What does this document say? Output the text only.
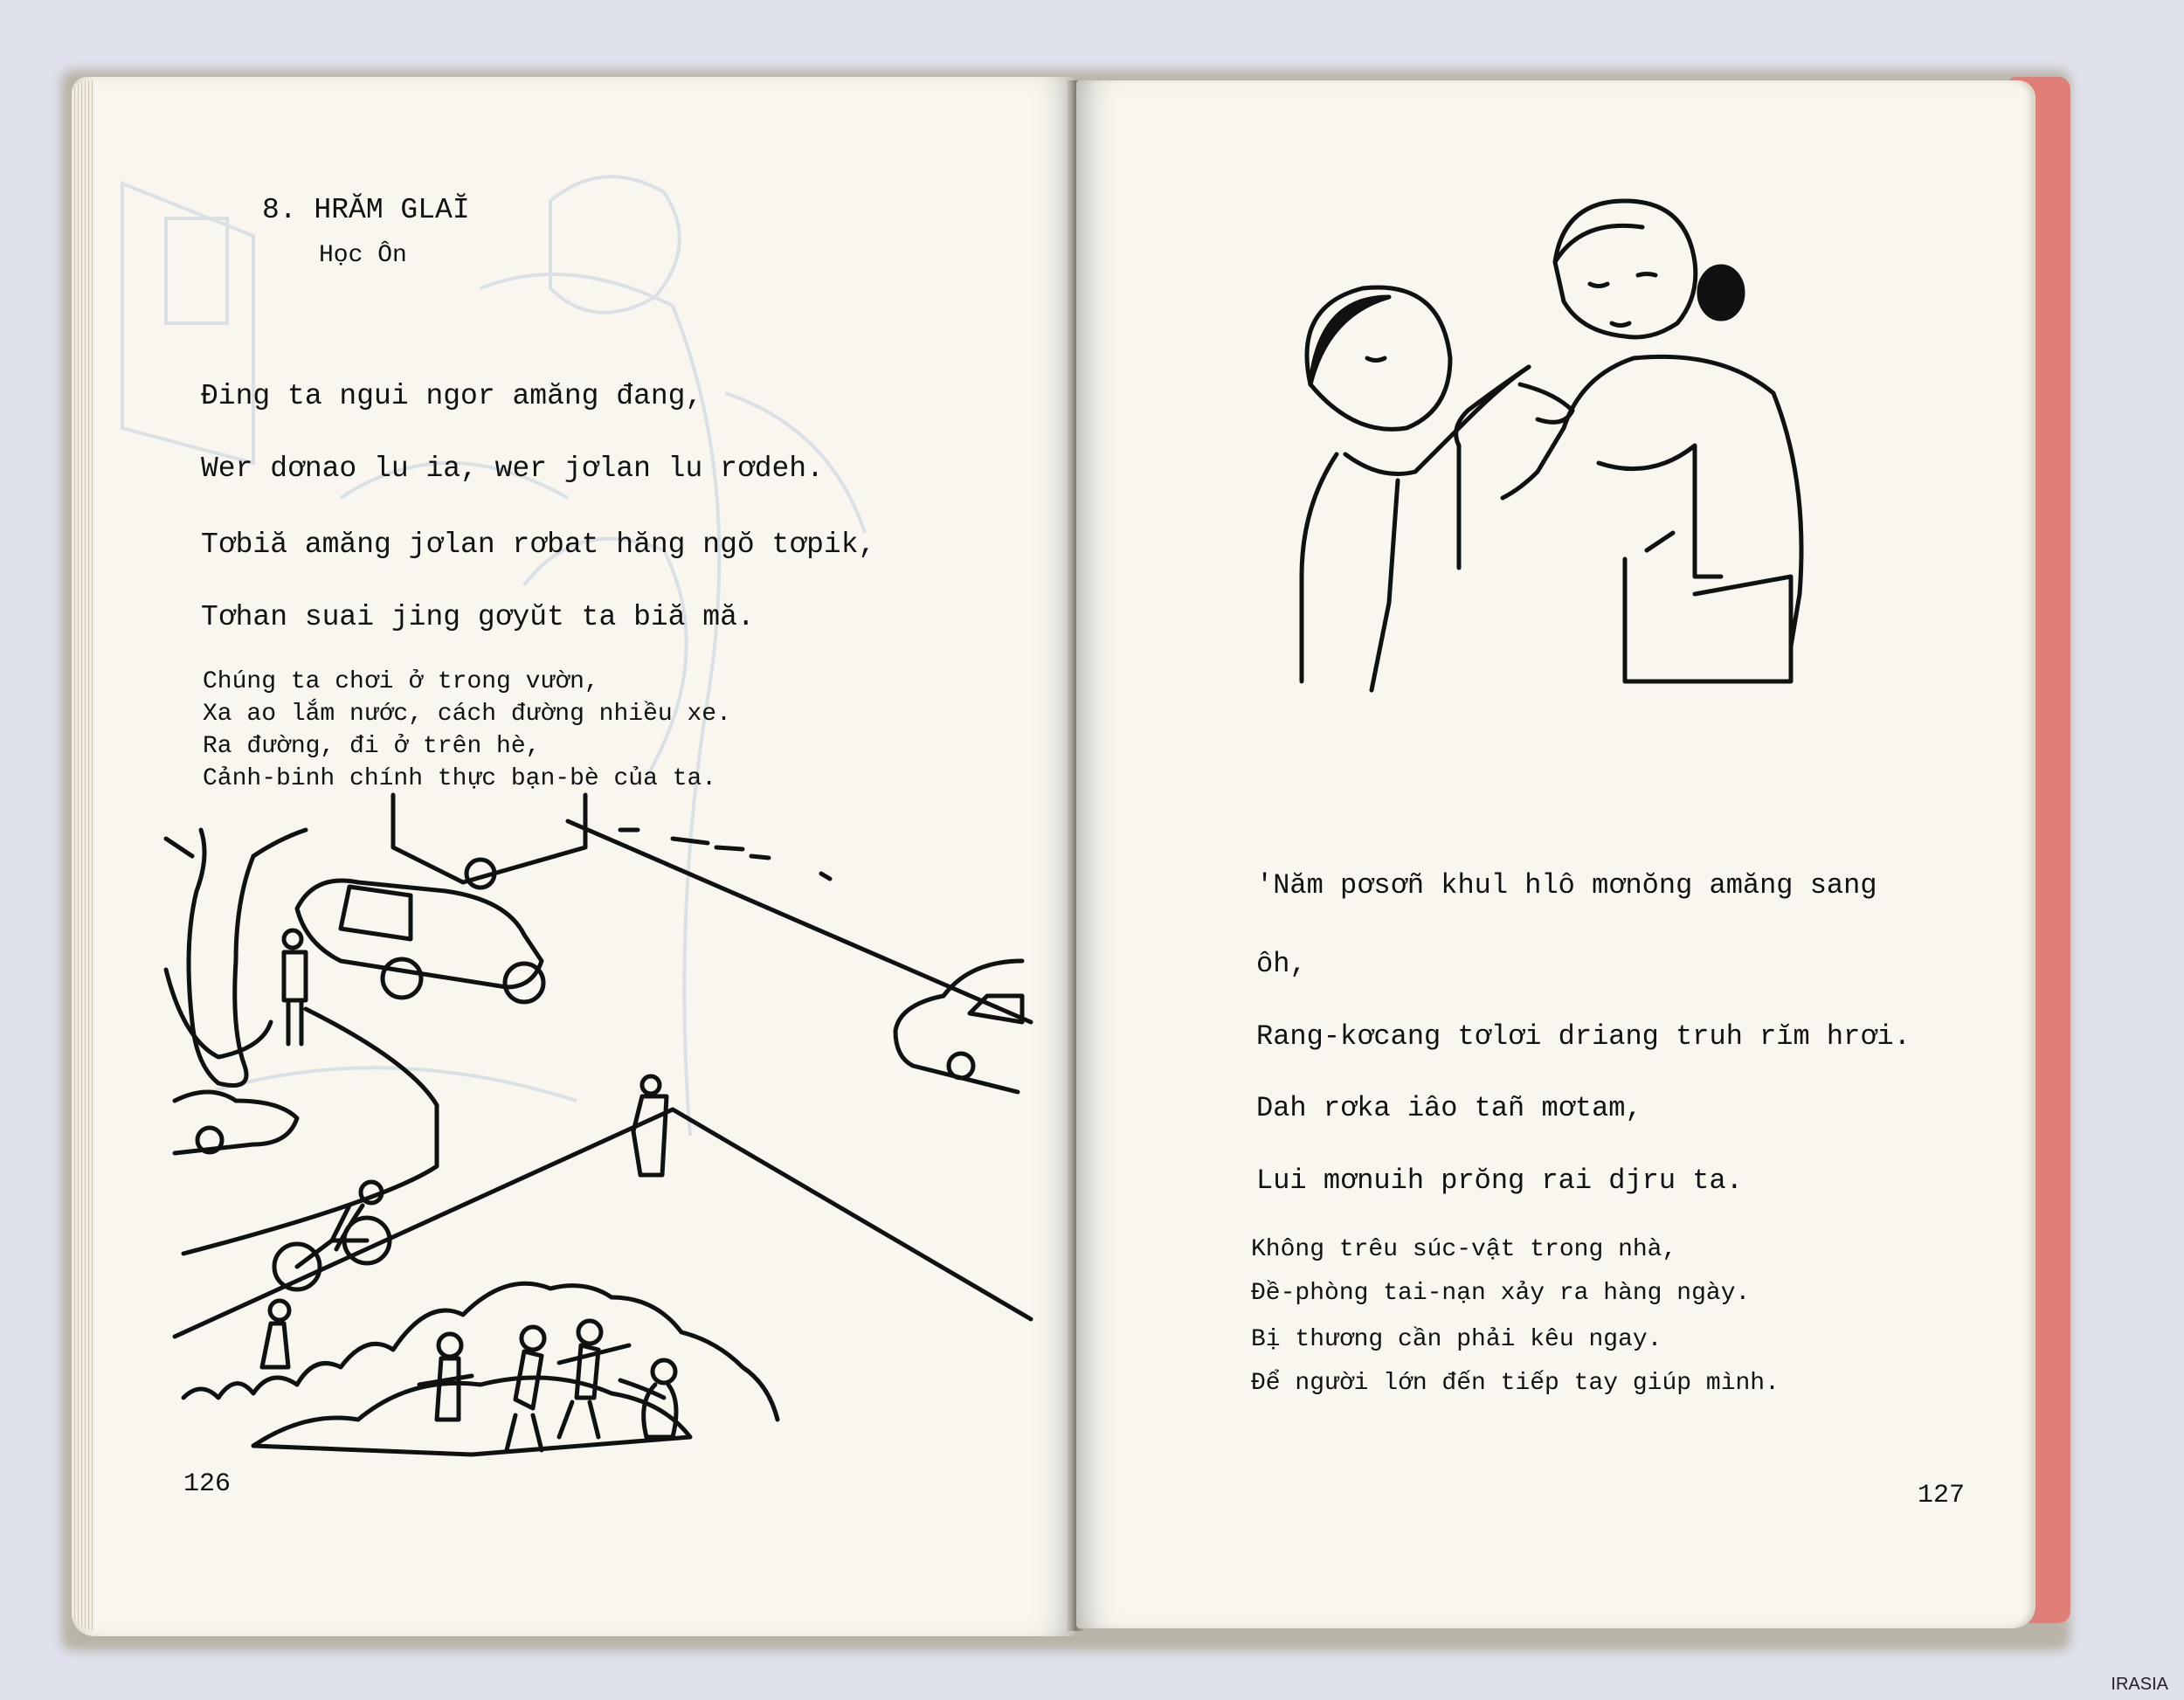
8. HRĂM GLAĬ
Học Ôn
Ɖing ta ngui ngor amăng đang,
Wer dơnao lu ia, wer jơlan lu rơdeh.
Tơbiă amăng jơlan rơbat hăng ngŏ tơpik,
Tơhan suai jing gơyŭt ta biă mă.
Chúng ta chơi ở trong vườn,
Xa ao lắm nước, cách đường nhiều xe.
Ra đường, đi ở trên hè,
Cảnh-binh chính thực bạn-bè của ta.
126
'Năm pơsơñ khul hlô mơnŏng amăng sang
ôh,
Rang-kơcang tơlơi driang truh rĭm hrơi.
Dah rơka iâo tañ mơtam,
Lui mơnuih prŏng rai djru ta.
Không trêu súc-vật trong nhà,
Đề-phòng tai-nạn xảy ra hàng ngày.
Bị thương cần phải kêu ngay.
Để người lớn đến tiếp tay giúp mình.
127
IRASIA
